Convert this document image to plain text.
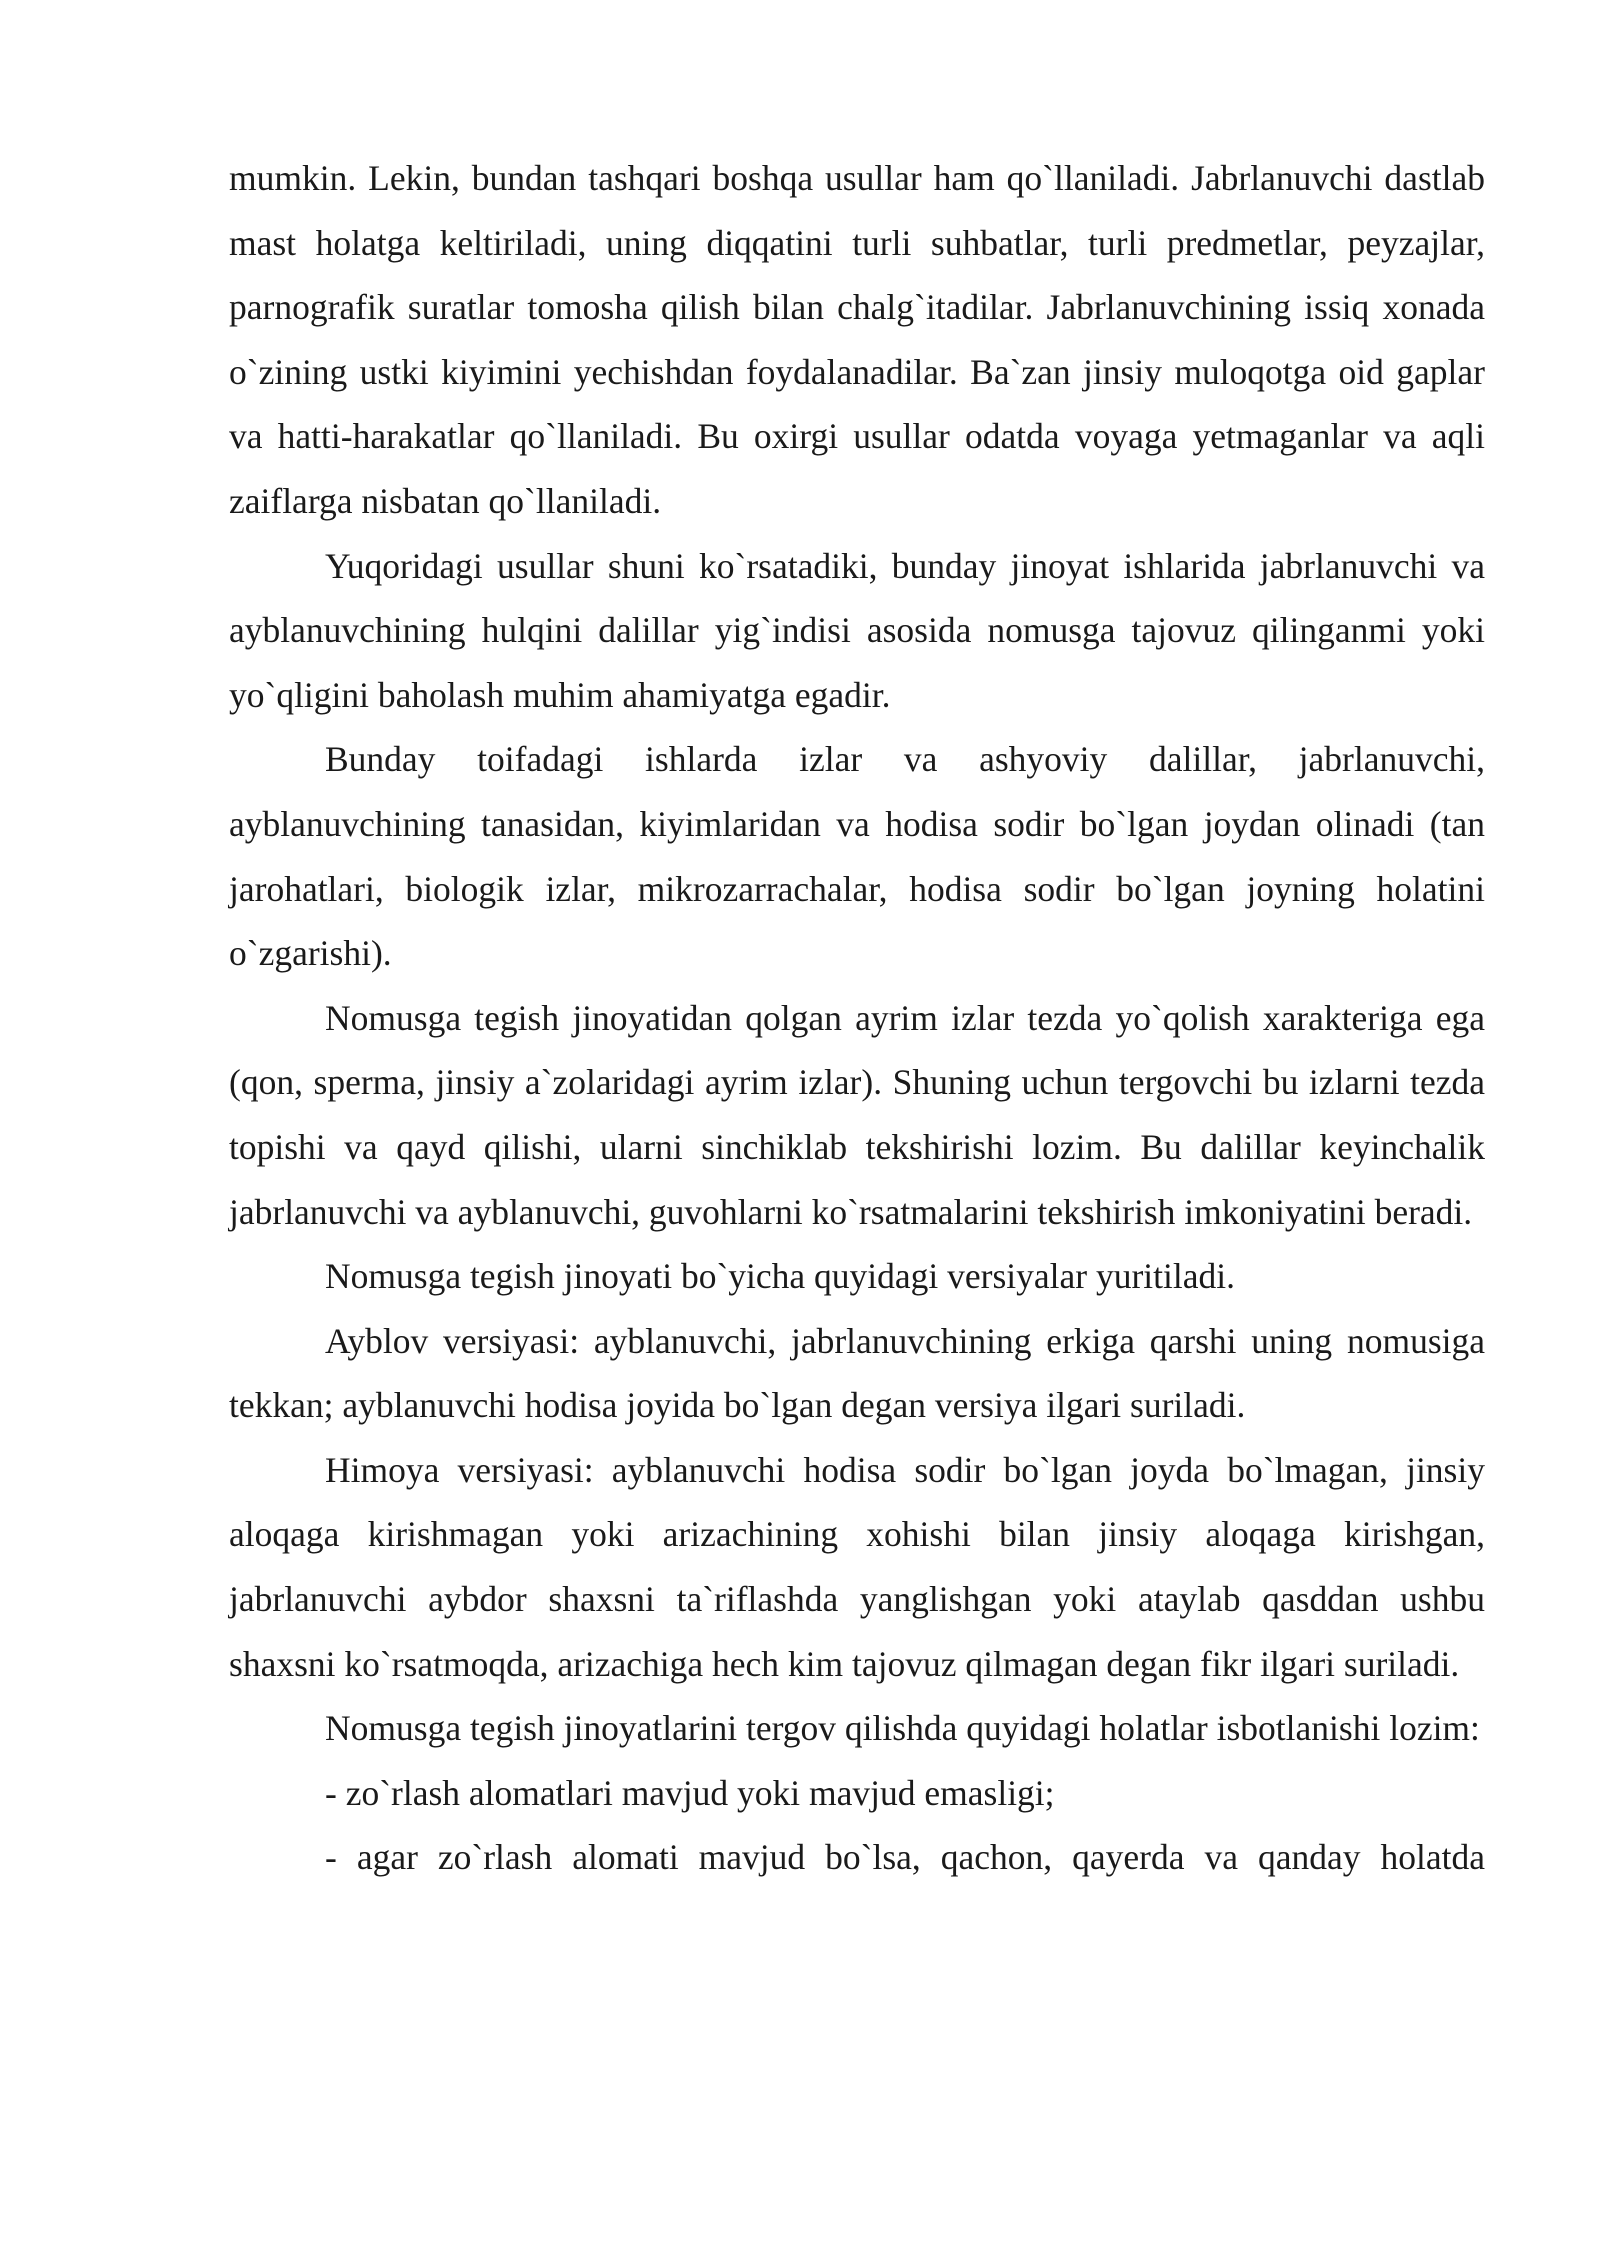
mumkin. Lekin, bundan tashqari boshqa usullar ham qo`llaniladi. Jabrlanuvchi dastlab mast holatga keltiriladi, uning diqqatini turli suhbatlar, turli predmetlar, peyzajlar, parnografik suratlar tomosha qilish bilan chalg`itadilar. Jabrlanuvchining issiq xonada o`zining ustki kiyimini yechishdan foydalanadilar. Ba`zan jinsiy muloqotga oid gaplar va hatti-harakatlar qo`llaniladi. Bu oxirgi usullar odatda voyaga yetmaganlar va aqli zaiflarga nisbatan qo`llaniladi.

Yuqoridagi usullar shuni ko`rsatadiki, bunday jinoyat ishlarida jabrlanuvchi va ayblanuvchining hulqini dalillar yig`indisi asosida nomusga tajovuz qilinganmi yoki yo`qligini baholash muhim ahamiyatga egadir.

Bunday toifadagi ishlarda izlar va ashyoviy dalillar, jabrlanuvchi, ayblanuvchining tanasidan, kiyimlaridan va hodisa sodir bo`lgan joydan olinadi (tan jarohatlari, biologik izlar, mikrozarrachalar, hodisa sodir bo`lgan joyning holatini o`zgarishi).

Nomusga tegish jinoyatidan qolgan ayrim izlar tezda yo`qolish xarakteriga ega (qon, sperma, jinsiy a`zolaridagi ayrim izlar). Shuning uchun tergovchi bu izlarni tezda topishi va qayd qilishi, ularni sinchiklab tekshirishi lozim. Bu dalillar keyinchalik jabrlanuvchi va ayblanuvchi, guvohlarni ko`rsatmalarini tekshirish imkoniyatini beradi.

Nomusga tegish jinoyati bo`yicha quyidagi versiyalar yuritiladi.

Ayblov versiyasi: ayblanuvchi, jabrlanuvchining erkiga qarshi uning nomusiga tekkan; ayblanuvchi hodisa joyida bo`lgan degan versiya ilgari suriladi.

Himoya versiyasi: ayblanuvchi hodisa sodir bo`lgan joyda bo`lmagan, jinsiy aloqaga kirishmagan yoki arizachining xohishi bilan jinsiy aloqaga kirishgan, jabrlanuvchi aybdor shaxsni ta`riflashda yanglishgan yoki ataylab qasddan ushbu shaxsni ko`rsatmoqda, arizachiga hech kim tajovuz qilmagan degan fikr ilgari suriladi.

Nomusga tegish jinoyatlarini tergov qilishda quyidagi holatlar isbotlanishi lozim:

- zo`rlash alomatlari mavjud yoki mavjud emasligi;

- agar zo`rlash alomati mavjud bo`lsa, qachon, qayerda va qanday holatda
